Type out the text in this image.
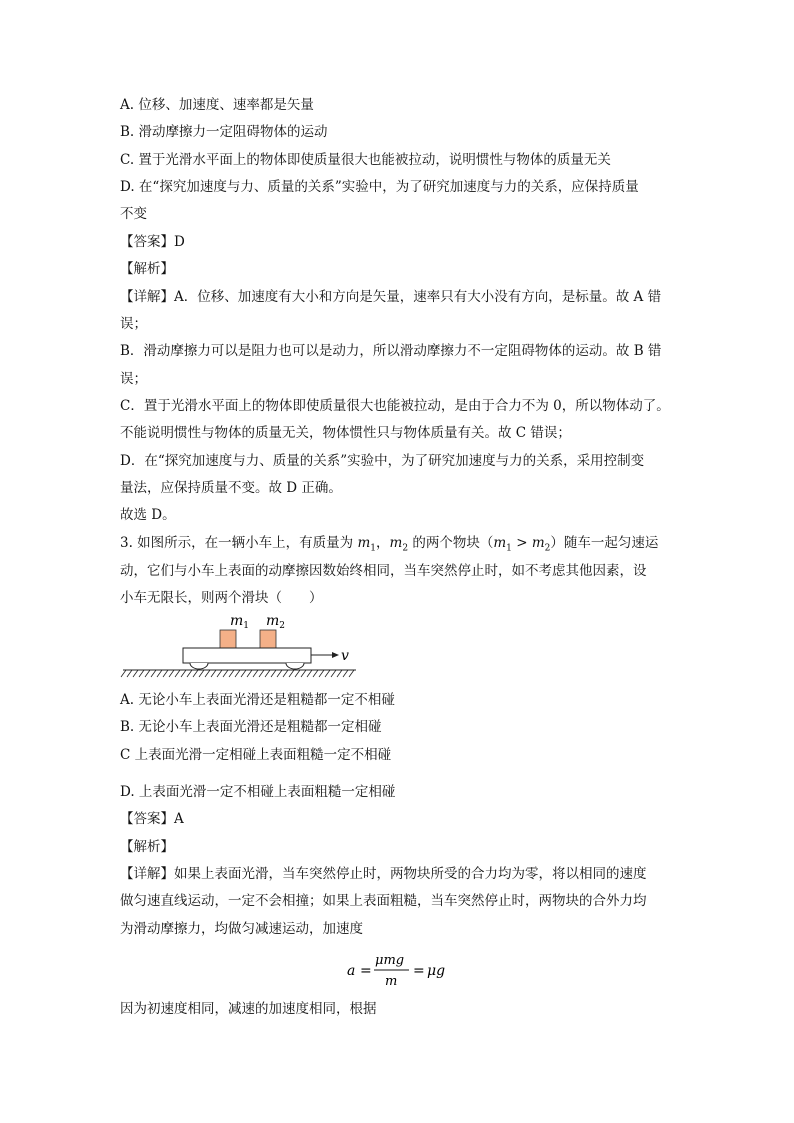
A. 位移、加速度、速率都是矢量
B. 滑动摩擦力一定阻碍物体的运动
C. 置于光滑水平面上的物体即使质量很大也能被拉动，说明惯性与物体的质量无关
D. 在“探究加速度与力、质量的关系”实验中，为了研究加速度与力的关系，应保持质量
不变
【答案】D
【解析】
【详解】A．位移、加速度有大小和方向是矢量，速率只有大小没有方向，是标量。故 A 错
误；
B．滑动摩擦力可以是阻力也可以是动力，所以滑动摩擦力不一定阻碍物体的运动。故 B 错
误；
C．置于光滑水平面上的物体即使质量很大也能被拉动，是由于合力不为 0，所以物体动了。
不能说明惯性与物体的质量无关，物体惯性只与物体质量有关。故 C 错误；
D．在“探究加速度与力、质量的关系”实验中，为了研究加速度与力的关系，采用控制变
量法，应保持质量不变。故 D 正确。
故选 D。
3. 如图所示，在一辆小车上，有质量为 $m_1$，$m_2$ 的两个物块$(m_1 > m_2)$随车一起匀速运
动，它们与小车上表面的动摩擦因数始终相同，当车突然停止时，如不考虑其他因素，设
小车无限长，则两个滑块（　　）
$m_1$ $m_2$
v
A. 无论小车上表面光滑还是粗糙都一定不相碰
B. 无论小车上表面光滑还是粗糙都一定相碰
C 上表面光滑一定相碰上表面粗糙一定不相碰
D. 上表面光滑一定不相碰上表面粗糙一定相碰
【答案】A
【解析】
【详解】如果上表面光滑，当车突然停止时，两物块所受的合力均为零，将以相同的速度
做匀速直线运动，一定不会相撞；如果上表面粗糙，当车突然停止时，两物块的合外力均
为滑动摩擦力，均做匀减速运动，加速度
a =
μmg
m
= μg
因为初速度相同，减速的加速度相同，根据
